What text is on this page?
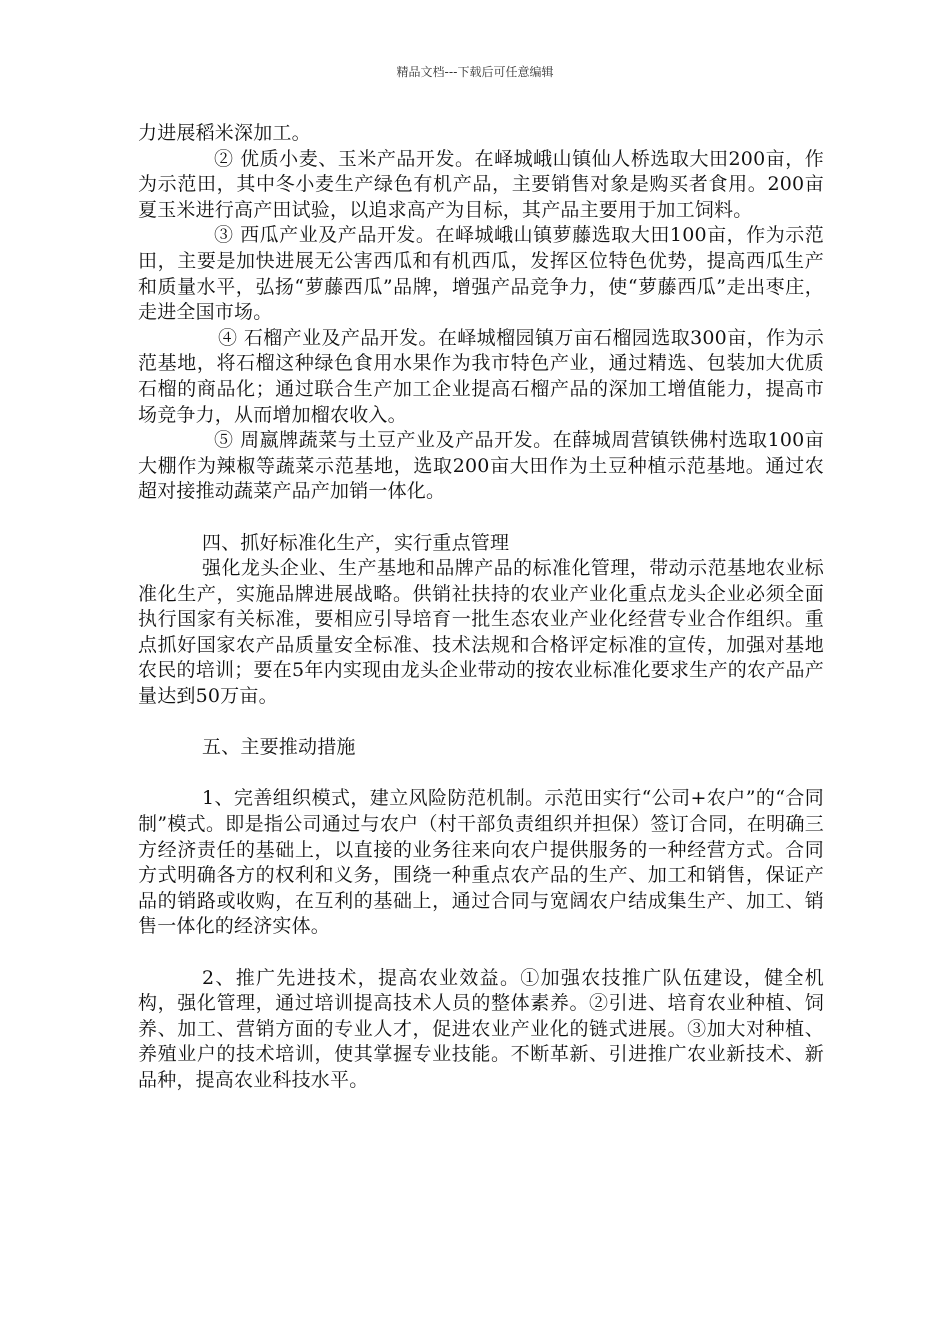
精品文档---下载后可任意编辑

力进展稻米深加工。

② 优质小麦、玉米产品开发。在峄城峨山镇仙人桥选取大田200亩，作为示范田，其中冬小麦生产绿色有机产品，主要销售对象是购买者食用。200亩夏玉米进行高产田试验，以追求高产为目标，其产品主要用于加工饲料。

③ 西瓜产业及产品开发。在峄城峨山镇萝藤选取大田100亩，作为示范田，主要是加快进展无公害西瓜和有机西瓜，发挥区位特色优势，提高西瓜生产和质量水平，弘扬“萝藤西瓜”品牌，增强产品竞争力，使“萝藤西瓜”走出枣庄，走进全国市场。

④ 石榴产业及产品开发。在峄城榴园镇万亩石榴园选取300亩，作为示范基地，将石榴这种绿色食用水果作为我市特色产业，通过精选、包装加大优质石榴的商品化；通过联合生产加工企业提高石榴产品的深加工增值能力，提高市场竞争力，从而增加榴农收入。

⑤ 周嬴牌蔬菜与土豆产业及产品开发。在薛城周营镇铁佛村选取100亩大棚作为辣椒等蔬菜示范基地，选取200亩大田作为土豆种植示范基地。通过农超对接推动蔬菜产品产加销一体化。

四、抓好标准化生产，实行重点管理

强化龙头企业、生产基地和品牌产品的标准化管理，带动示范基地农业标准化生产，实施品牌进展战略。供销社扶持的农业产业化重点龙头企业必须全面执行国家有关标准，要相应引导培育一批生态农业产业化经营专业合作组织。重点抓好国家农产品质量安全标准、技术法规和合格评定标准的宣传，加强对基地农民的培训；要在5年内实现由龙头企业带动的按农业标准化要求生产的农产品产量达到50万亩。

五、主要推动措施

1、完善组织模式，建立风险防范机制。示范田实行“公司+农户”的“合同制”模式。即是指公司通过与农户（村干部负责组织并担保）签订合同，在明确三方经济责任的基础上，以直接的业务往来向农户提供服务的一种经营方式。合同方式明确各方的权利和义务，围绕一种重点农产品的生产、加工和销售，保证产品的销路或收购，在互利的基础上，通过合同与宽阔农户结成集生产、加工、销售一体化的经济实体。

2、推广先进技术，提高农业效益。①加强农技推广队伍建设，健全机构，强化管理，通过培训提高技术人员的整体素养。②引进、培育农业种植、饲养、加工、营销方面的专业人才，促进农业产业化的链式进展。③加大对种植、养殖业户的技术培训，使其掌握专业技能。不断革新、引进推广农业新技术、新品种，提高农业科技水平。
